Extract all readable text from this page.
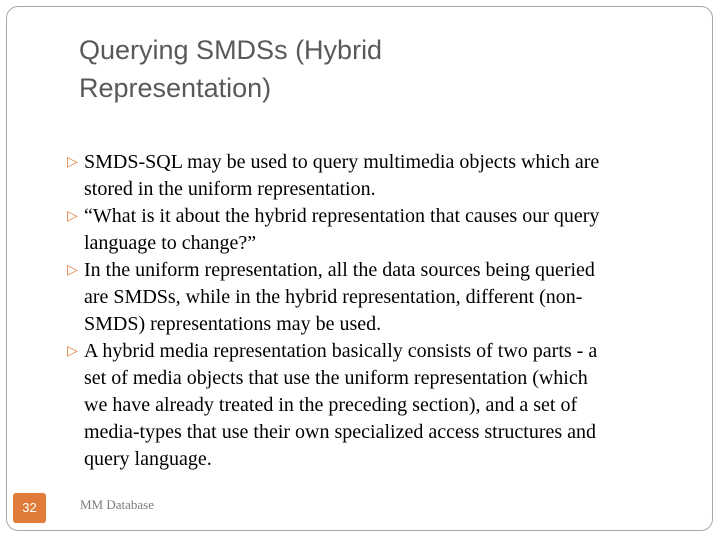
Querying SMDSs (Hybrid
Representation)
▷ SMDS-SQL may be used to query multimedia objects which are
stored in the uniform representation.
▷ “What is it about the hybrid representation that causes our query
language to change?”
▷ In the uniform representation, all the data sources being queried
are SMDSs, while in the hybrid representation, different (non-
SMDS) representations may be used.
▷ A hybrid media representation basically consists of two parts - a
set of media objects that use the uniform representation (which
we have already treated in the preceding section), and a set of
media-types that use their own specialized access structures and
query language.
32	MM Database
